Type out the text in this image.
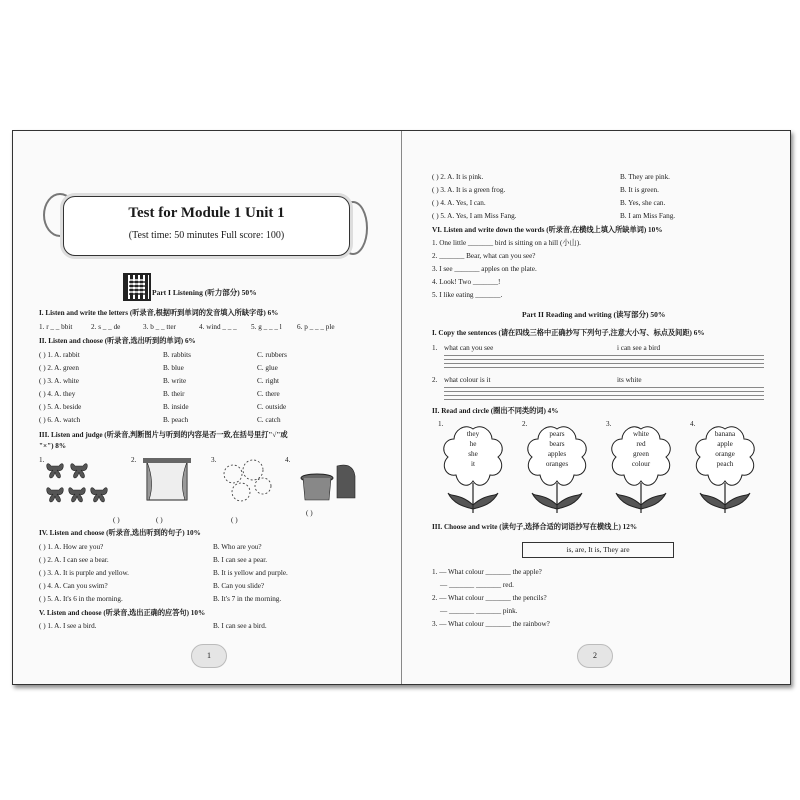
Test for Module 1 Unit 1
(Test time: 50 minutes Full score: 100)
Part I Listening (听力部分) 50%
I. Listen and write the letters (听录音,根据听到单词的发音填入所缺字母) 6%
1. r _ _ bbit	2. s _ _ de	3. b _ _ tter	4. wind _ _ _ 5. g _ _ _ l 6. p _ _ _ ple
II. Listen and choose (听录音,选出听到的单词) 6%
( ) 1. A. rabbit	B. rabbits	C. rubbers
( ) 2. A. green	B. blue	C. glue
( ) 3. A. white	B. write	C. right
( ) 4. A. they	B. their	C. there
( ) 5. A. beside	B. inside	C. outside
( ) 6. A. watch	B. peach	C. catch
III. Listen and judge (听录音,判断图片与听到的内容是否一致,在括号里打"√"或
"×") 8%
1.	2.	3.	4.
( )	( )	( )
( )
IV. Listen and choose (听录音,选出听到的句子) 10%
( ) 1. A. How are you?	B. Who are you?
( ) 2. A. I can see a bear.	B. I can see a pear.
( ) 3. A. It is purple and yellow.	B. It is yellow and purple.
( ) 4. A. Can you swim?	B. Can you slide?
( ) 5. A. It's 6 in the morning.	B. It's 7 in the morning.
V. Listen and choose (听录音,选出正确的应答句) 10%
( ) 1. A. I see a bird.	B. I can see a bird.
1
( ) 2. A. It is pink.	B. They are pink.
( ) 3. A. It is a green frog.	B. It is green.
( ) 4. A. Yes, I can.	B. Yes, she can.
( ) 5. A. Yes, I am Miss Fang.	B. I am Miss Fang.
VI. Listen and write down the words (听录音,在横线上填入所缺单词) 10%
1. One little _______ bird is sitting on a hill (小山).
2. _______ Bear, what can you see?
3. I see _______ apples on the plate.
4. Look! Two _______!
5. I like eating _______.
Part II Reading and writing (读写部分) 50%
I. Copy the sentences (请在四线三格中正确抄写下列句子,注意大小写、标点及间距) 6%
1. what can you see	i can see a bird
2. what colour is it	its white
II. Read and circle (圈出不同类的词) 4%
1.
they
he
she
it
2.
pears
bears
apples
oranges
3.
white
red
green
colour
4.
banana
apple
orange
peach
III. Choose and write (读句子,选择合适的词语抄写在横线上) 12%
is, are, It is, They are
1. — What colour _______ the apple?
— _______ _______ red.
2. — What colour _______ the pencils?
— _______ _______ pink.
3. — What colour _______ the rainbow?
2
